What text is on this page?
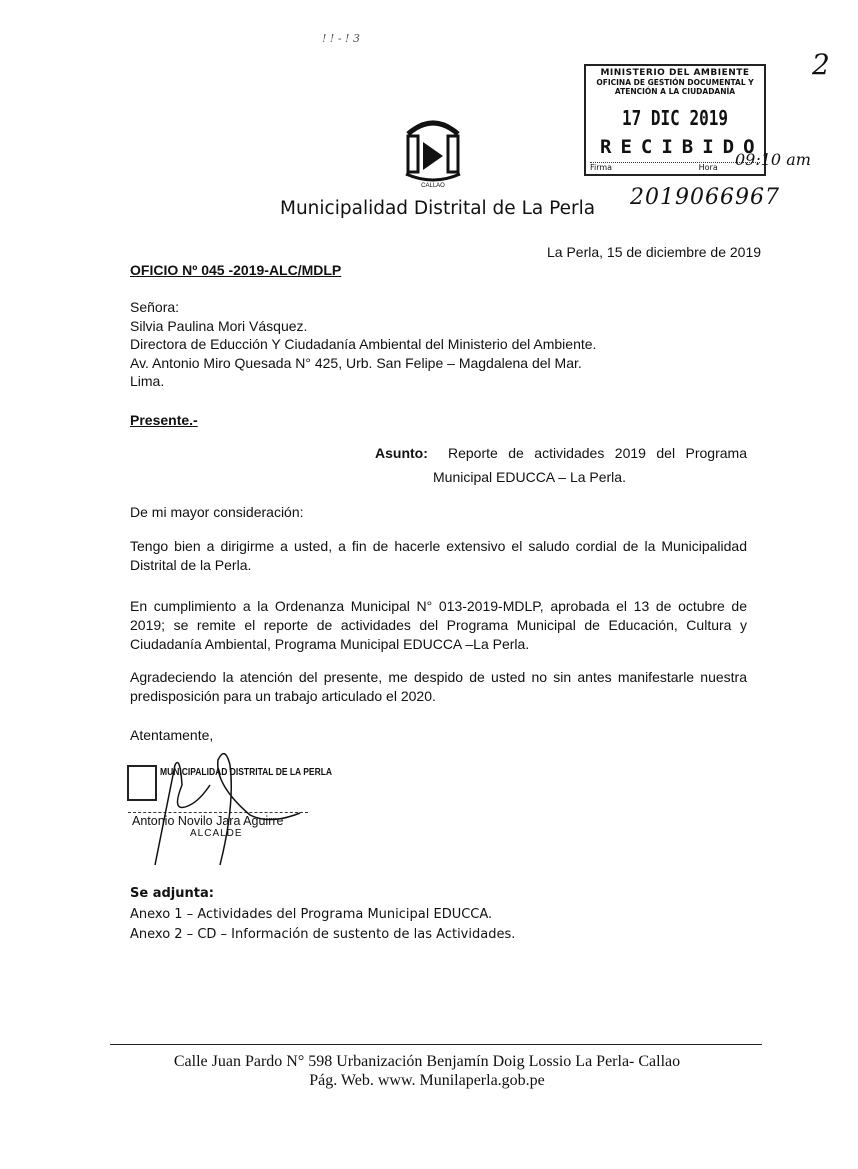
! ! - ! 3
2
MINISTERIO DEL AMBIENTE
OFICINA DE GESTIÓN DOCUMENTAL Y
ATENCIÓN A LA CIUDADANÍA
17 DIC 2019
RECIBIDO
Firma	Hora	09:10 am
2019066967
CALLAO
Municipalidad Distrital de La Perla
La Perla, 15 de diciembre de 2019
OFICIO Nº 045 -2019-ALC/MDLP
Señora:
Silvia Paulina Mori Vásquez.
Directora de Educción Y Ciudadanía Ambiental del Ministerio del Ambiente.
Av. Antonio Miro Quesada N° 425, Urb. San Felipe – Magdalena del Mar.
Lima.
Presente.-
Asunto: Reporte de actividades 2019 del Programa
Municipal EDUCCA – La Perla.
De mi mayor consideración:
Tengo bien a dirigirme a usted, a fin de hacerle extensivo el saludo cordial de la Municipalidad Distrital de la Perla.
En cumplimiento a la Ordenanza Municipal N° 013-2019-MDLP, aprobada el 13 de octubre de 2019; se remite el reporte de actividades del Programa Municipal de Educación, Cultura y Ciudadanía Ambiental, Programa Municipal EDUCCA –La Perla.
Agradeciendo la atención del presente, me despido de usted no sin antes manifestarle nuestra predisposición para un trabajo articulado el 2020.
Atentamente,
MUNICIPALIDAD DISTRITAL DE LA PERLA
Antonio Novilo Jara Aguirre
ALCALDE
Se adjunta:
Anexo 1 – Actividades del Programa Municipal EDUCCA.
Anexo 2 – CD – Información de sustento de las Actividades.
Calle Juan Pardo N° 598 Urbanización Benjamín Doig Lossio La Perla- Callao
Pág. Web. www. Munilaperla.gob.pe
